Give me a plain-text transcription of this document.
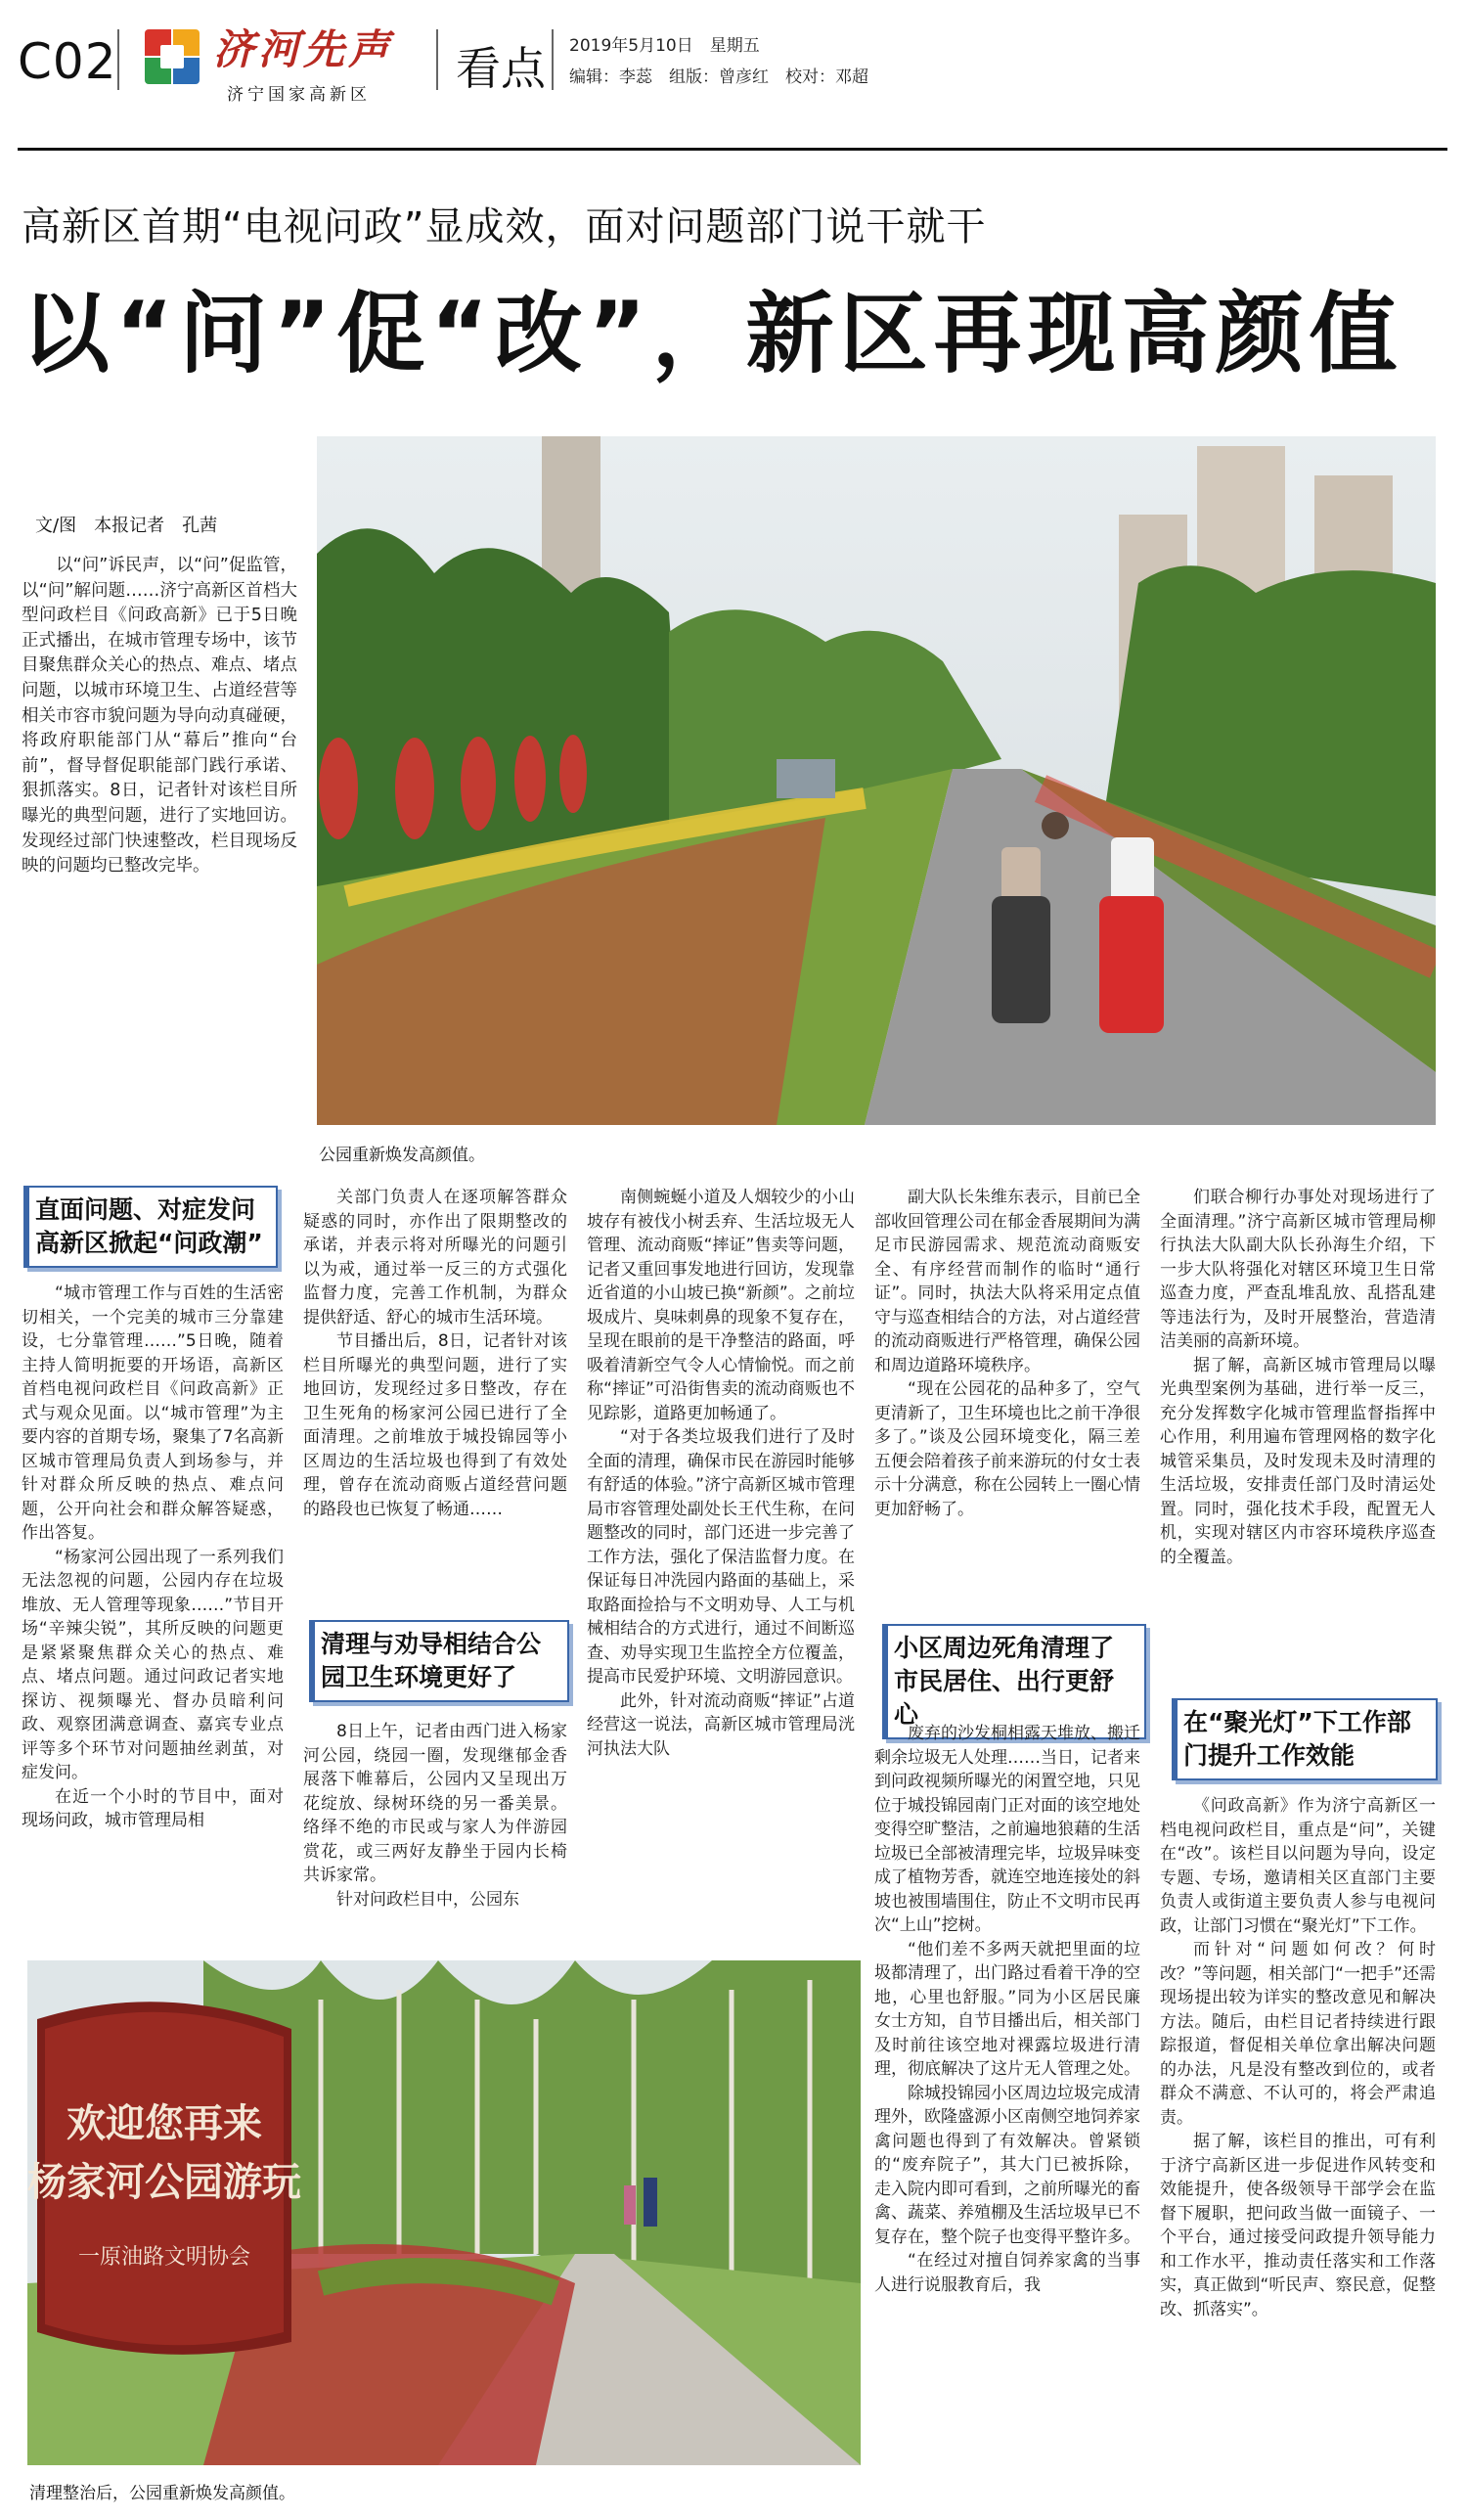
C02 济河先声
济宁国家高新区 看点 2019年5月10日　星期五
编辑：李蕊　组版：曾彦红　校对：邓超
高新区首期“电视问政”显成效，面对问题部门说干就干
以“问”促“改”，新区再现高颜值
文/图　本报记者　孔茜
　　以“问”诉民声，以“问”促监管，以“问”解问题……济宁高新区首档大型问政栏目《问政高新》已于5日晚正式播出，在城市管理专场中，该节目聚焦群众关心的热点、难点、堵点问题，以城市环境卫生、占道经营等相关市容市貌问题为导向动真碰硬，将政府职能部门从“幕后”推向“台前”，督导督促职能部门践行承诺、狠抓落实。8日，记者针对该栏目所曝光的典型问题，进行了实地回访。发现经过部门快速整改，栏目现场反映的问题均已整改完毕。
公园重新焕发高颜值。
直面问题、对症发问高新区掀起“问政潮”

“城市管理工作与百姓的生活密切相关，一个完美的城市三分靠建设，七分靠管理……”5日晚，随着主持人简明扼要的开场语，高新区首档电视问政栏目《问政高新》正式与观众见面。以“城市管理”为主要内容的首期专场，聚集了7名高新区城市管理局负责人到场参与，并针对群众所反映的热点、难点问题，公开向社会和群众解答疑惑，作出答复。

“杨家河公园出现了一系列我们无法忽视的问题，公园内存在垃圾堆放、无人管理等现象……”节目开场“辛辣尖锐”，其所反映的问题更是紧紧聚焦群众关心的热点、难点、堵点问题。通过问政记者实地探访、视频曝光、督办员暗利问政、观察团满意调查、嘉宾专业点评等多个环节对问题抽丝剥茧，对症发问。

在近一个小时的节目中，面对现场问政，城市管理局相

关部门负责人在逐项解答群众疑惑的同时，亦作出了限期整改的承诺，并表示将对所曝光的问题引以为戒，通过举一反三的方式强化监督力度，完善工作机制，为群众提供舒适、舒心的城市生活环境。

节目播出后，8日，记者针对该栏目所曝光的典型问题，进行了实地回访，发现经过多日整改，存在卫生死角的杨家河公园已进行了全面清理。之前堆放于城投锦园等小区周边的生活垃圾也得到了有效处理，曾存在流动商贩占道经营问题的路段也已恢复了畅通……

清理与劝导相结合公园卫生环境更好了

8日上午，记者由西门进入杨家河公园，绕园一圈，发现继郁金香展落下帷幕后，公园内又呈现出万花绽放、绿树环绕的另一番美景。络绎不绝的市民或与家人为伴游园赏花，或三两好友静坐于园内长椅共诉家常。

针对问政栏目中，公园东

南侧蜿蜒小道及人烟较少的小山坡存有被伐小树丢弃、生活垃圾无人管理、流动商贩“摔证”售卖等问题，记者又重回事发地进行回访，发现靠近省道的小山坡已换“新颜”。之前垃圾成片、臭味刺鼻的现象不复存在，呈现在眼前的是干净整洁的路面，呼吸着清新空气令人心情愉悦。而之前称“摔证”可沿街售卖的流动商贩也不见踪影，道路更加畅通了。

“对于各类垃圾我们进行了及时全面的清理，确保市民在游园时能够有舒适的体验。”济宁高新区城市管理局市容管理处副处长王代生称，在问题整改的同时，部门还进一步完善了工作方法，强化了保洁监督力度。在保证每日冲洗园内路面的基础上，采取路面捡拾与不文明劝导、人工与机械相结合的方式进行，通过不间断巡查、劝导实现卫生监控全方位覆盖，提高市民爱护环境、文明游园意识。

此外，针对流动商贩“摔证”占道经营这一说法，高新区城市管理局洸河执法大队

副大队长朱维东表示，目前已全部收回管理公司在郁金香展期间为满足市民游园需求、规范流动商贩安全、有序经营而制作的临时“通行证”。同时，执法大队将采用定点值守与巡查相结合的方法，对占道经营的流动商贩进行严格管理，确保公园和周边道路环境秩序。

“现在公园花的品种多了，空气更清新了，卫生环境也比之前干净很多了。”谈及公园环境变化，隔三差五便会陪着孩子前来游玩的付女士表示十分满意，称在公园转上一圈心情更加舒畅了。

小区周边死角清理了市民居住、出行更舒心

废弃的沙发桐相露天堆放、搬迁剩余垃圾无人处理……当日，记者来到问政视频所曝光的闲置空地，只见位于城投锦园南门正对面的该空地处变得空旷整洁，之前遍地狼藉的生活垃圾已全部被清理完毕，垃圾异味变成了植物芳香，就连空地连接处的斜坡也被围墙围住，防止不文明市民再次“上山”挖树。

“他们差不多两天就把里面的垃圾都清理了，出门路过看着干净的空地，心里也舒服。”同为小区居民廉女士方知，自节目播出后，相关部门及时前往该空地对裸露垃圾进行清理，彻底解决了这片无人管理之处。

除城投锦园小区周边垃圾完成清理外，欧隆盛源小区南侧空地饲养家禽问题也得到了有效解决。曾紧锁的“废弃院子”，其大门已被拆除，走入院内即可看到，之前所曝光的畜禽、蔬菜、养殖棚及生活垃圾早已不复存在，整个院子也变得平整许多。

“在经过对擅自饲养家禽的当事人进行说服教育后，我

们联合柳行办事处对现场进行了全面清理。”济宁高新区城市管理局柳行执法大队副大队长孙海生介绍，下一步大队将强化对辖区环境卫生日常巡查力度，严查乱堆乱放、乱搭乱建等违法行为，及时开展整治，营造清洁美丽的高新环境。

据了解，高新区城市管理局以曝光典型案例为基础，进行举一反三，充分发挥数字化城市管理监督指挥中心作用，利用遍布管理网格的数字化城管采集员，及时发现未及时清理的生活垃圾，安排责任部门及时清运处置。同时，强化技术手段，配置无人机，实现对辖区内市容环境秩序巡查的全覆盖。

在“聚光灯”下工作部门提升工作效能

《问政高新》作为济宁高新区一档电视问政栏目，重点是“问”，关键在“改”。该栏目以问题为导向，设定专题、专场，邀请相关区直部门主要负责人或街道主要负责人参与电视问政，让部门习惯在“聚光灯”下工作。

而针对“问题如何改？何时改？”等问题，相关部门“一把手”还需现场提出较为详实的整改意见和解决方法。随后，由栏目记者持续进行跟踪报道，督促相关单位拿出解决问题的办法，凡是没有整改到位的，或者群众不满意、不认可的，将会严肃追责。

据了解，该栏目的推出，可有利于济宁高新区进一步促进作风转变和效能提升，使各级领导干部学会在监督下履职，把问政当做一面镜子、一个平台，通过接受问政提升领导能力和工作水平，推动责任落实和工作落实，真正做到“听民声、察民意，促整改、抓落实”。

欢迎您再来
杨家河公园游玩
一原油路文明协会
清理整治后，公园重新焕发高颜值。
